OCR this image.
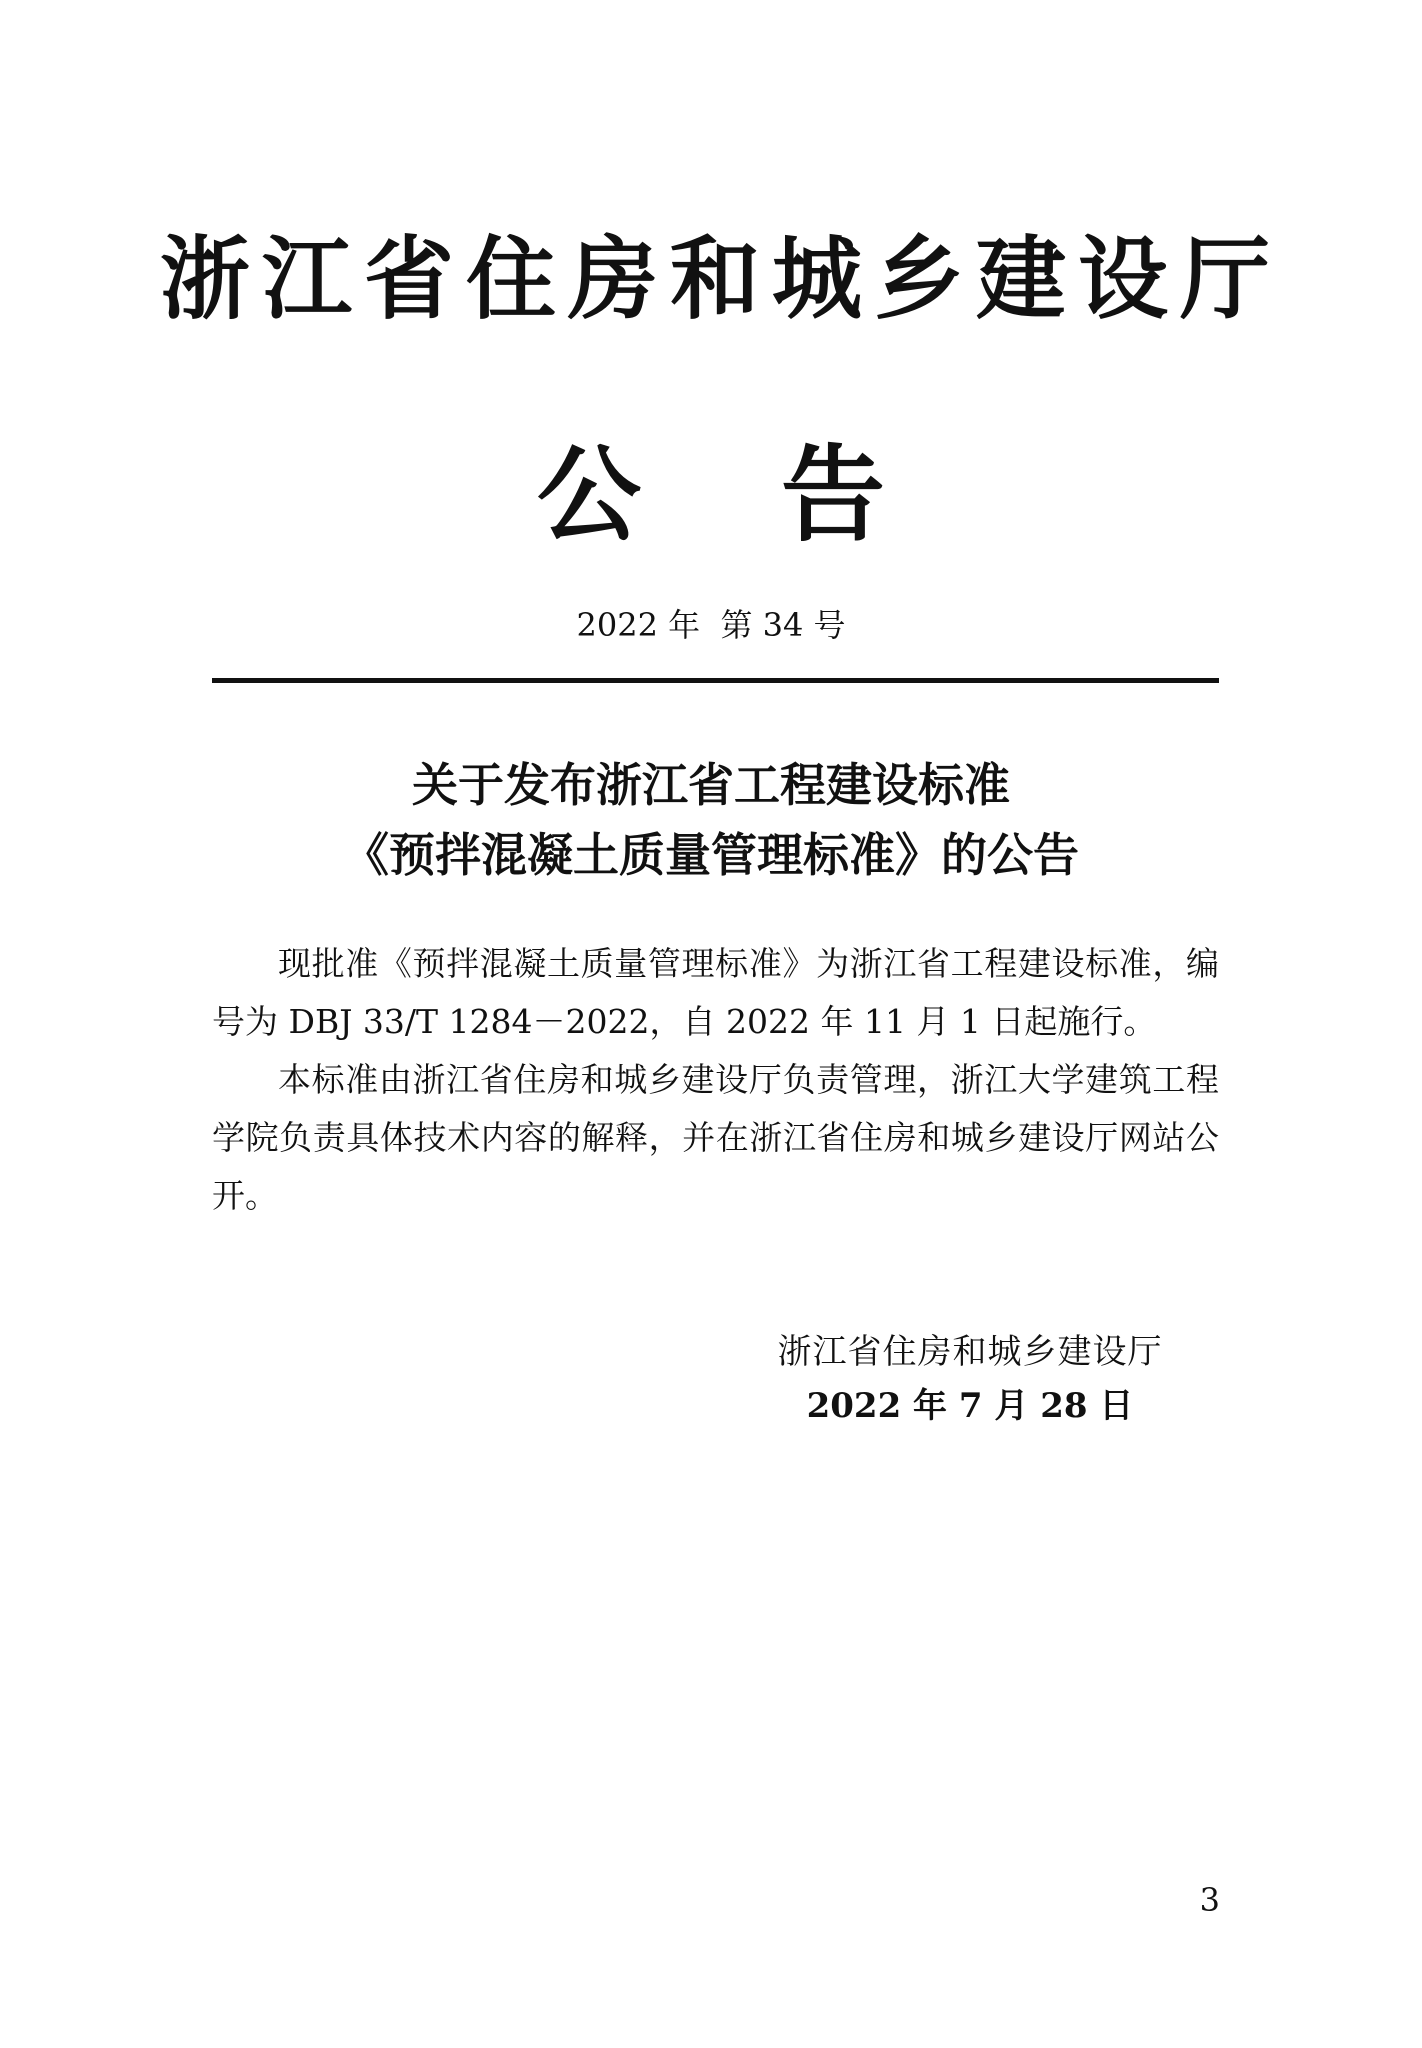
浙江省住房和城乡建设厅
公 告
2022 年  第 34 号
关于发布浙江省工程建设标准
《预拌混凝土质量管理标准》的公告

现批准《预拌混凝土质量管理标准》为浙江省工程建设标准，编号为 DBJ 33/T 1284－2022，自 2022 年 11 月 1 日起施行。

本标准由浙江省住房和城乡建设厅负责管理，浙江大学建筑工程学院负责具体技术内容的解释，并在浙江省住房和城乡建设厅网站公开。

浙江省住房和城乡建设厅
2022 年 7 月 28 日
3
